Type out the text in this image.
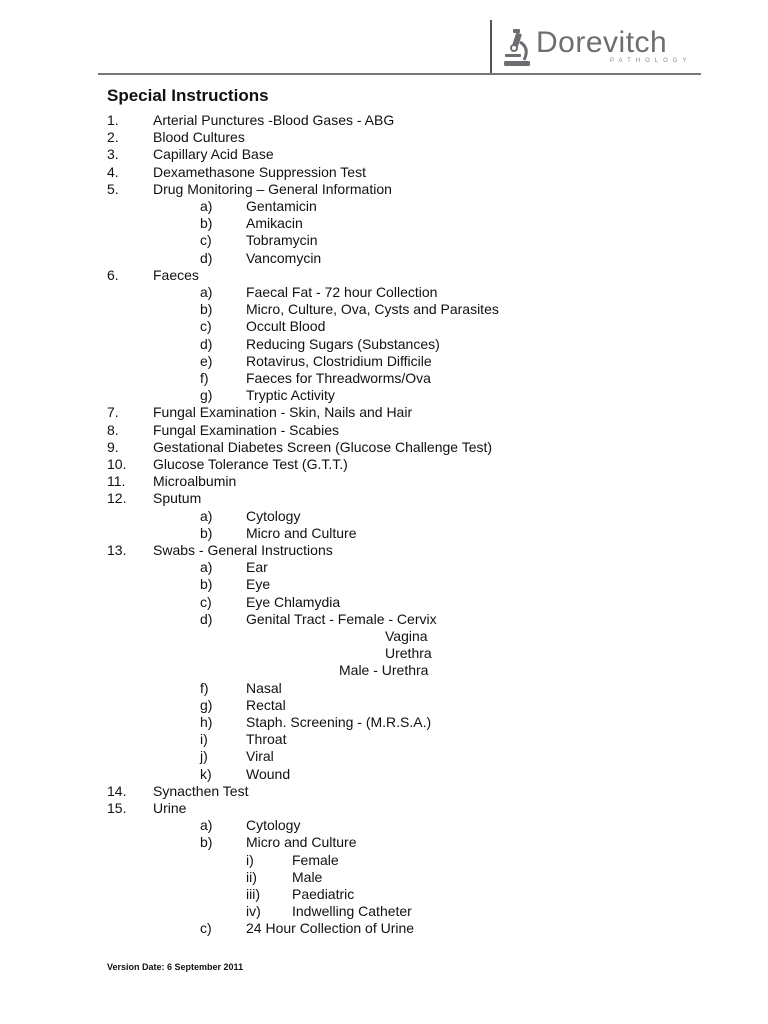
Dorevitch
PATHOLOGY
Special Instructions
1. Arterial Punctures -Blood Gases - ABG
2. Blood Cultures
3. Capillary Acid Base
4. Dexamethasone Suppression Test
5. Drug Monitoring – General Information
a) Gentamicin
b) Amikacin
c) Tobramycin
d) Vancomycin
6. Faeces
a) Faecal Fat - 72 hour Collection
b) Micro, Culture, Ova, Cysts and Parasites
c) Occult Blood
d) Reducing Sugars (Substances)
e) Rotavirus, Clostridium Difficile
f)	Faeces for Threadworms/Ova
g) Tryptic Activity
7. Fungal Examination - Skin, Nails and Hair
8. Fungal Examination - Scabies
9. Gestational Diabetes Screen (Glucose Challenge Test)
10. Glucose Tolerance Test (G.T.T.)
11. Microalbumin
12. Sputum
a) Cytology
b) Micro and Culture
13. Swabs - General Instructions
a) Ear
b) Eye
c) Eye Chlamydia
d) Genital Tract - Female - Cervix
Vagina
Urethra
Male - Urethra
f)	Nasal
g) Rectal
h) Staph. Screening - (M.R.S.A.)
i)	Throat
j)	Viral
k) Wound
14. Synacthen Test
15. Urine
a) Cytology
b) Micro and Culture
i)	Female
ii)	Male
iii) Paediatric
iv) Indwelling Catheter
c) 24 Hour Collection of Urine
Version Date: 6 September 2011
